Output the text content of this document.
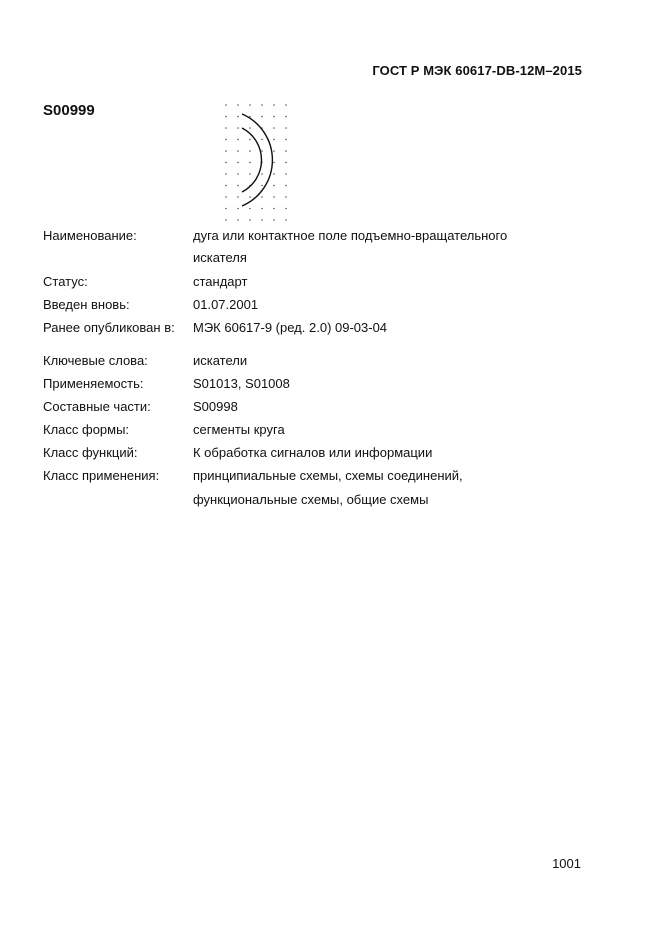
ГОСТ Р МЭК 60617-DB-12M–2015
S00999
Наименование:	дуга или контактное поле подъемно-вращательного
искателя
Статус:	стандарт
Введен вновь:	01.07.2001
Ранее опубликован в: МЭК 60617-9 (ред. 2.0) 09-03-04
Ключевые слова:	искатели
Применяемость:	S01013, S01008
Составные части:	S00998
Класс формы:	сегменты круга
Класс функций:	К обработка сигналов или информации
Класс применения:	принципиальные схемы, схемы соединений,
функциональные схемы, общие схемы
1001
